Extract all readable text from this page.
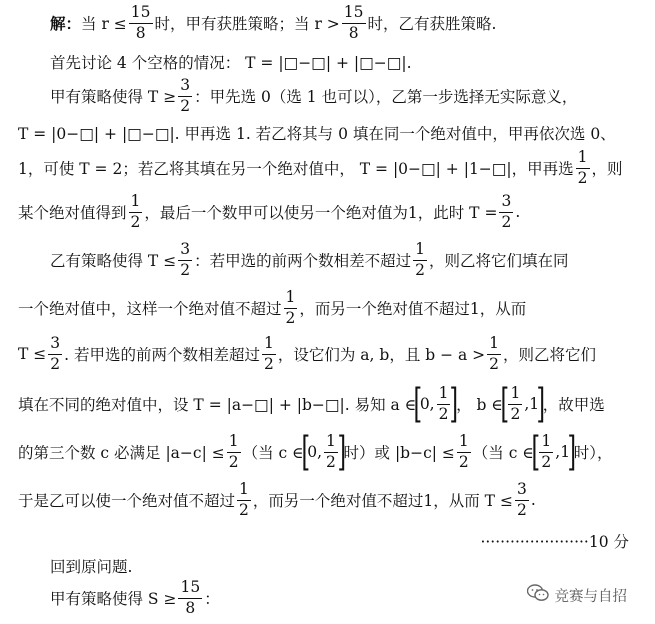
解： 当 $r \le \frac{15}{8}$ 时，甲有获胜策略；当 $r > \frac{15}{8}$ 时，乙有获胜策略.
首先讨论 4 个空格的情况： T = |□−□| + |□−□|.
甲有策略使得 $T \ge \frac{3}{2}$ ：甲先选 0（选 1 也可以），乙第一步选择无实际意义，
T = |0−□| + |□−□|. 甲再选 1. 若乙将其与 0 填在同一个绝对值中，甲再依次选 0、
1，可使 T = 2；若乙将其填在另一个绝对值中， T = |0−□| + |1−□|，甲再选 $\frac{1}{2}$ ，则
某个绝对值得到 $\frac{1}{2}$ ，最后一个数甲可以使另一个绝对值为1，此时 $T = \frac{3}{2}$ .
乙有策略使得 $T \le \frac{3}{2}$ ：若甲选的前两个数相差不超过 $\frac{1}{2}$ ，则乙将它们填在同
一个绝对值中，这样一个绝对值不超过 $\frac{1}{2}$ ，而另一个绝对值不超过1，从而
$T \le \frac{3}{2}$ . 若甲选的前两个数相差超过 $\frac{1}{2}$ ，设它们为 a, b，且 $b - a > \frac{1}{2}$ ，则乙将它们
填在不同的绝对值中，设 T = |a−□| + |b−□|. 易知 a ∈
[
0, $\frac{1}{2}$ ]
， b ∈
[ $\frac{1}{2} ,1$
]
，故甲选
的第三个数 c 必满足 $|a-c| \le \frac{1}{2}$ （当 c ∈
[
0, $\frac{1}{2}$ ]
时）或 $|b-c| \le \frac{1}{2}$ （当 c ∈
[ $\frac{1}{2} ,1$
]
时），
于是乙可以使一个绝对值不超过 $\frac{1}{2}$ ，而另一个绝对值不超过1，从而 $T \le \frac{3}{2}$ .
······················10 分
回到原问题.
甲有策略使得 $S \ge \frac{15}{8}$ ：	竞赛与自招
